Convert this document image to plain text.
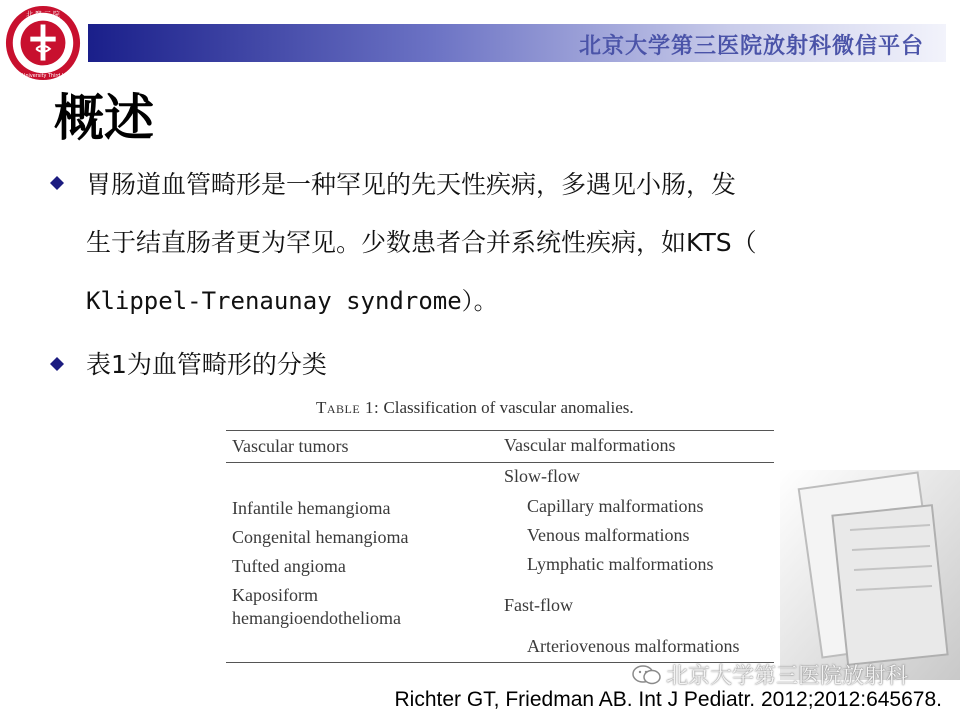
北京大学第三医院放射科微信平台
北 醫 三 院
Peking University Third Hospital
概述
胃肠道血管畸形是一种罕见的先天性疾病，多遇见小肠，发
生于结直肠者更为罕见。少数患者合并系统性疾病，如KTS（
Klippel-Trenaunay syndrome）。
表1为血管畸形的分类
Table 1: Classification of vascular anomalies.
Vascular tumors	Vascular malformations
Infantile hemangioma
Congenital hemangioma
Tufted angioma
Kaposiform
hemangioendothelioma
Slow-flow
Capillary malformations
Venous malformations
Lymphatic malformations
Fast-flow
Arteriovenous malformations
北京大学第三医院放射科
Richter GT, Friedman AB. Int J Pediatr. 2012;2012:645678.
